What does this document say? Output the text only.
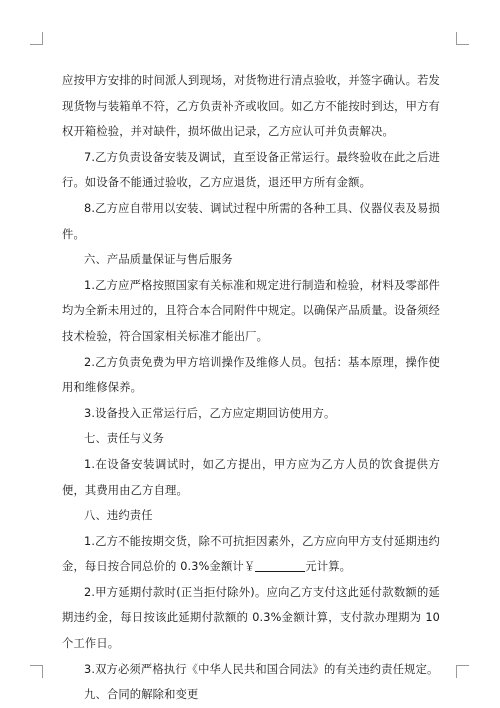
应按甲方安排的时间派人到现场，对货物进行清点验收，并签字确认。若发现货物与装箱单不符，乙方负责补齐或收回。如乙方不能按时到达，甲方有权开箱检验，并对缺件，损坏做出记录，乙方应认可并负责解决。

7.乙方负责设备安装及调试，直至设备正常运行。最终验收在此之后进行。如设备不能通过验收，乙方应退货，退还甲方所有金额。

8.乙方应自带用以安装、调试过程中所需的各种工具、仪器仪表及易损件。

六、产品质量保证与售后服务

1.乙方应严格按照国家有关标准和规定进行制造和检验，材料及零部件均为全新未用过的，且符合本合同附件中规定。以确保产品质量。设备须经技术检验，符合国家相关标准才能出厂。

2.乙方负责免费为甲方培训操作及维修人员。包括：基本原理，操作使用和维修保养。

3.设备投入正常运行后，乙方应定期回访使用方。

七、责任与义务

1.在设备安装调试时，如乙方提出，甲方应为乙方人员的饮食提供方便，其费用由乙方自理。

八、违约责任

1.乙方不能按期交货，除不可抗拒因素外，乙方应向甲方支付延期违约金，每日按合同总价的 0.3%金额计￥	元计算。

2.甲方延期付款时(正当拒付除外)。应向乙方支付这此延付款数额的延期违约金，每日按该此延期付款额的 0.3%金额计算，支付款办理期为 10 个工作日。

3.双方必须严格执行《中华人民共和国合同法》的有关违约责任规定。

九、合同的解除和变更
